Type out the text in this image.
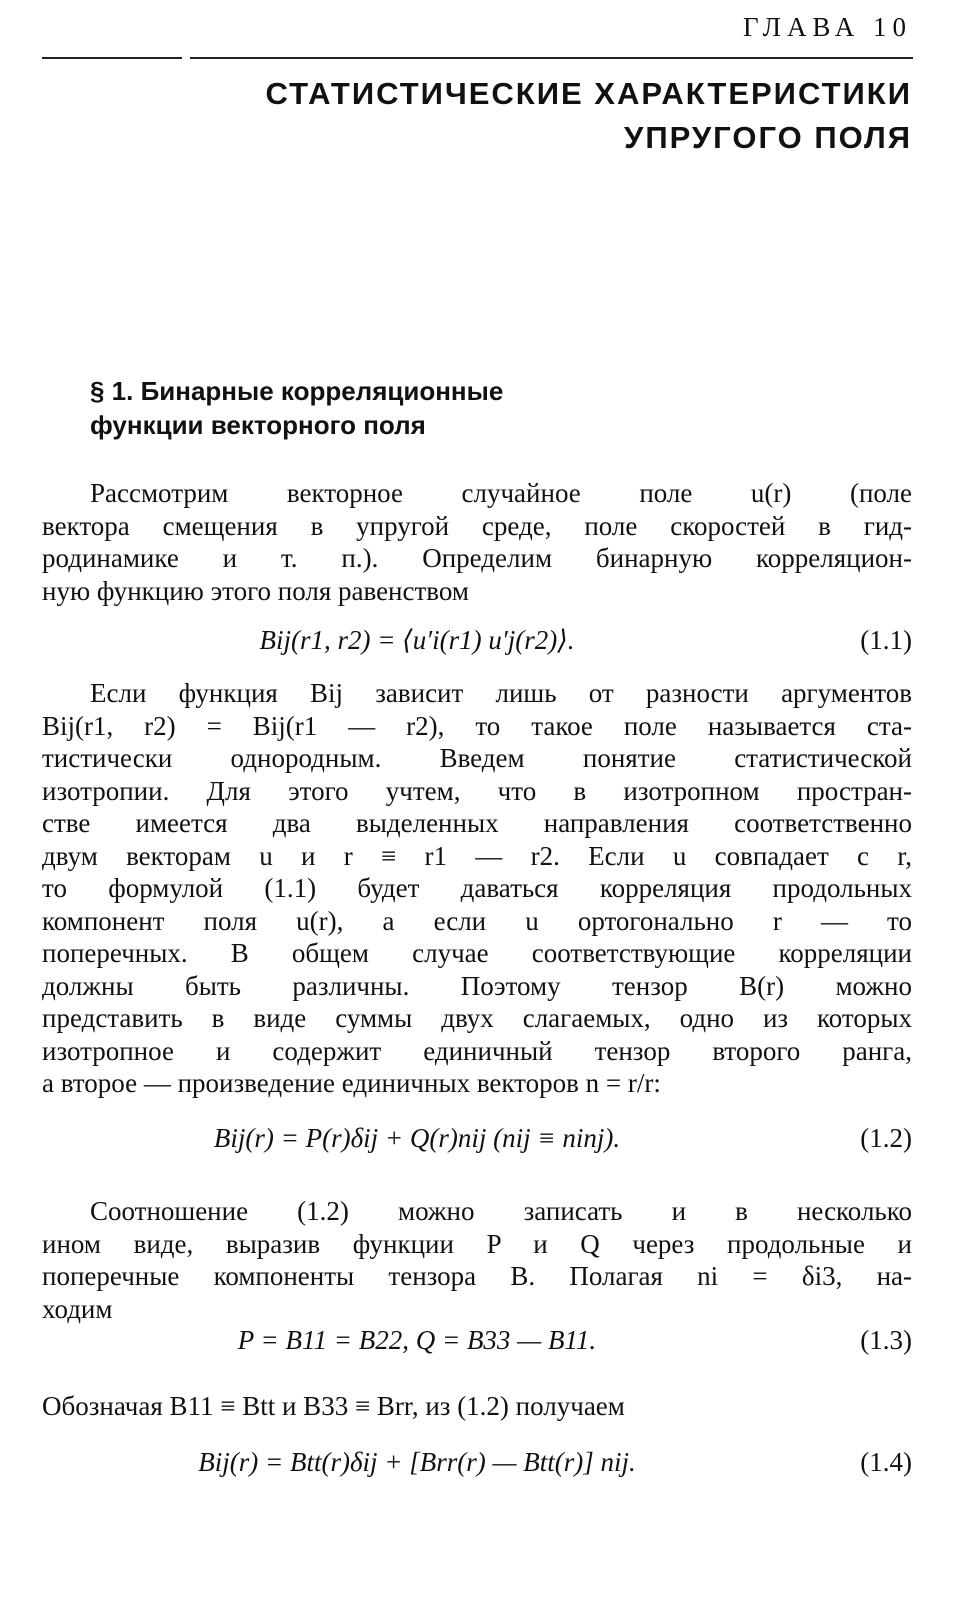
ГЛАВА 10
СТАТИСТИЧЕСКИЕ ХАРАКТЕРИСТИКИ
УПРУГОГО ПОЛЯ
§ 1. Бинарные корреляционные
функции векторного поля
Рассмотрим векторное случайное поле u(r) (поле
вектора смещения в упругой среде, поле скоростей в гид-
родинамике и т. п.). Определим бинарную корреляцион-
ную функцию этого поля равенством
Bij(r1, r2) = ⟨u′i(r1) u′j(r2)⟩.	(1.1)
Если функция Bij зависит лишь от разности аргументов
Bij(r1, r2) = Bij(r1 — r2), то такое поле называется ста-
тистически однородным. Введем понятие статистической
изотропии. Для этого учтем, что в изотропном простран-
стве имеется два выделенных направления соответственно
двум векторам u и r ≡ r1 — r2. Если u совпадает с r,
то формулой (1.1) будет даваться корреляция продольных
компонент поля u(r), а если u ортогонально r — то
поперечных. В общем случае соответствующие корреляции
должны быть различны. Поэтому тензор B(r) можно
представить в виде суммы двух слагаемых, одно из которых
изотропное и содержит единичный тензор второго ранга,
а второе — произведение единичных векторов n = r/r:
Bij(r) = P(r)δij + Q(r)nij (nij ≡ ninj).	(1.2)
Соотношение (1.2) можно записать и в несколько
ином виде, выразив функции P и Q через продольные и
поперечные компоненты тензора B. Полагая ni = δi3, на-
ходим
P = B11 = B22, Q = B33 — B11.	(1.3)
Обозначая B11 ≡ Btt и B33 ≡ Brr, из (1.2) получаем
Bij(r) = Btt(r)δij + [Brr(r) — Btt(r)] nij.	(1.4)
